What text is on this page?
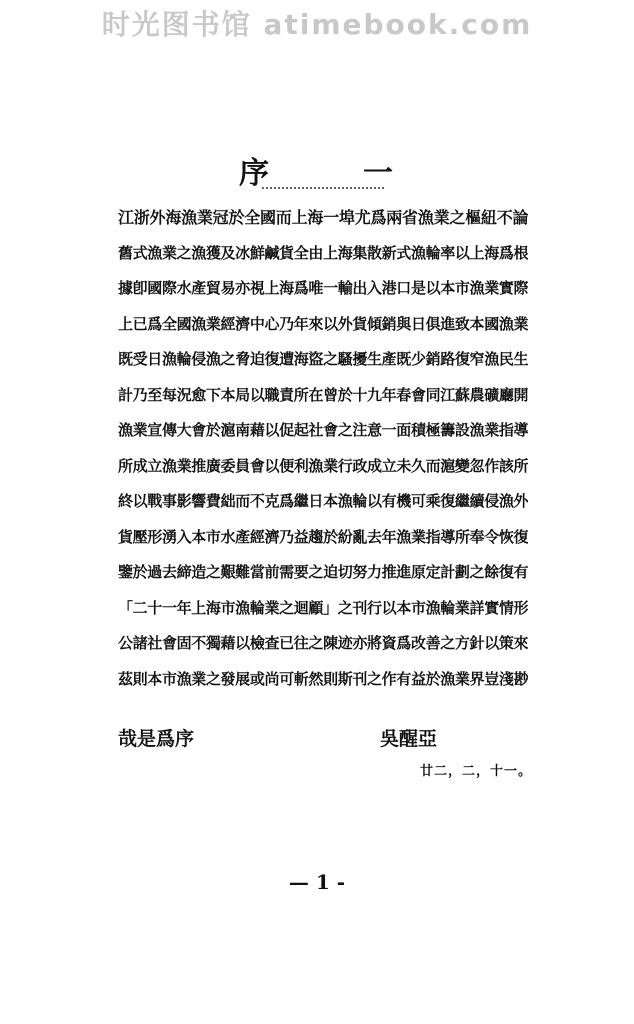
时光图书馆 atimebook.com
序	一
江浙外海漁業冠於全國而上海一埠尤爲兩省漁業之樞紐不論
舊式漁業之漁獲及冰鮮鹹貨全由上海集散新式漁輪率以上海爲根
據卽國際水產貿易亦視上海爲唯一輸出入港口是以本市漁業實際
上已爲全國漁業經濟中心乃年來以外貨傾銷與日俱進致本國漁業
既受日漁輪侵漁之脅迫復遭海盜之騷擾生產既少銷路復窄漁民生
計乃至每況愈下本局以職責所在曾於十九年春會同江蘇農礦廳開
漁業宣傳大會於滬南藉以促起社會之注意一面積極籌設漁業指導
所成立漁業推廣委員會以便利漁業行政成立未久而滬變忽作該所
終以戰事影響費絀而不克爲繼日本漁輪以有機可乘復繼續侵漁外
貨壓形湧入本市水產經濟乃益趨於紛亂去年漁業指導所奉令恢復
鑒於過去締造之艱難當前需要之迫切努力推進原定計劃之餘復有
「二十一年上海市漁輪業之迴顧」之刊行以本市漁輪業詳實情形
公諸社會固不獨藉以檢查已往之陳迹亦將資爲改善之方針以策來
茲則本市漁業之發展或尚可斬然則斯刊之作有益於漁業界豈淺尠
哉是爲序	吳醒亞
廿二，二，十一。
— 1 -
